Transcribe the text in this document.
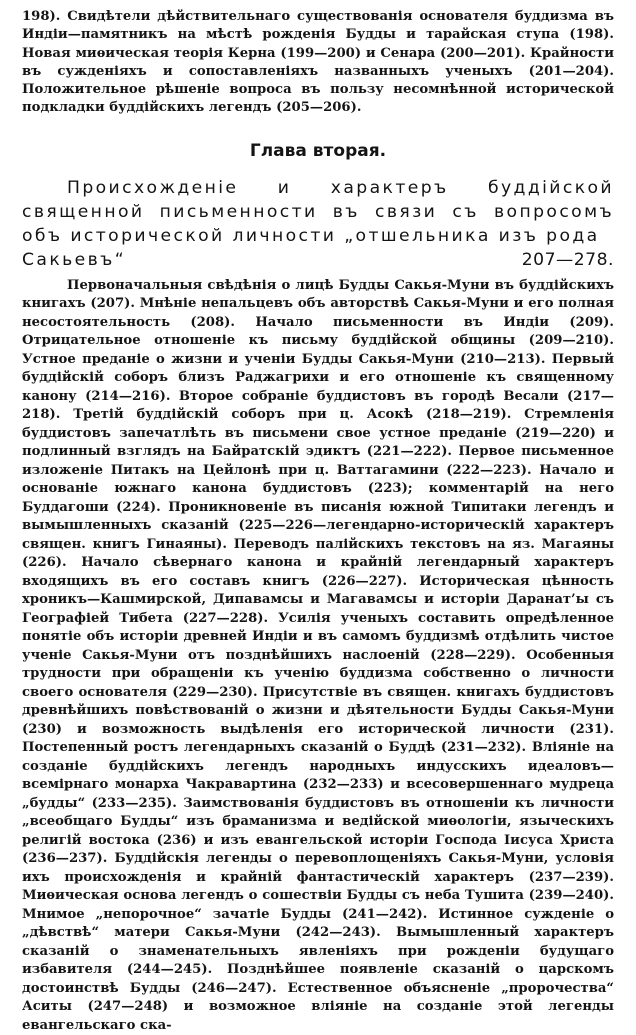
198). Свидѣтели дѣйствительнаго существованія основателя буддизма въ Индіи—памятникъ на мѣстѣ рожденія Будды и тарайская ступа (198). Новая миѳическая теорія Керна (199—200) и Сенара (200—201). Крайности въ сужденіяхъ и сопоставленіяхъ названныхъ ученыхъ (201—204). Положительное рѣшеніе вопроса въ пользу несомнѣнной исторической подкладки буддійскихъ легендъ (205—206).

Глава вторая.

Происхожденіе и характеръ буддійской священной письменности въ связи съ вопросомъ объ исторической личности „отшельника изъ рода

Сакьевъ“	207—278.

Первоначальныя свѣдѣнія о лицѣ Будды Сакья-Муни въ буддійскихъ книгахъ (207). Мнѣніе непальцевъ объ авторствѣ Сакья-Муни и его полная несостоятельность (208). Начало письменности въ Индіи (209). Отрицательное отношеніе къ письму буддійской общины (209—210). Устное преданіе о жизни и ученіи Будды Сакья-Муни (210—213). Первый буддійскій соборъ близъ Раджагрихи и его отношеніе къ священному канону (214—216). Второе собраніе буддистовъ въ городѣ Весали (217—218). Третій буддійскій соборъ при ц. Асокѣ (218—219). Стремленія буддистовъ запечатлѣть въ письмени свое устное преданіе (219—220) и подлинный взглядъ на Байратскій эдиктъ (221—222). Первое письменное изложеніе Питакъ на Цейлонѣ при ц. Ваттагамини (222—223). Начало и основаніе южнаго канона буддистовъ (223); комментарій на него Буддагоши (224). Проникновеніе въ писанія южной Типитаки легендъ и вымышленныхъ сказаній (225—226—легендарно-историческій характеръ священ. книгъ Гинаяны). Переводъ палійскихъ текстовъ на яз. Магаяны (226). Начало сѣвернаго канона и крайній легендарный характеръ входящихъ въ его составъ книгъ (226—227). Историческая цѣнность хроникъ—Кашмирской, Дипавамсы и Магавамсы и исторіи Даранат’ы съ Географіей Тибета (227—228). Усилія ученыхъ составить опредѣленное понятіе объ исторіи древней Индіи и въ самомъ буддизмѣ отдѣлить чистое ученіе Сакья-Муни отъ позднѣйшихъ наслоеній (228—229). Особенныя трудности при обращеніи къ ученію буддизма собственно о личности своего основателя (229—230). Присутствіе въ священ. книгахъ буддистовъ древнѣйшихъ повѣствованій о жизни и дѣятельности Будды Сакья-Муни (230) и возможность выдѣленія его исторической личности (231). Постепенный ростъ легендарныхъ сказаній о Буддѣ (231—232). Вліяніе на созданіе буддійскихъ легендъ народныхъ индусскихъ идеаловъ—всемірнаго монарха Чакравартина (232—233) и всесовершеннаго мудреца „будды“ (233—235). Заимствованія буддистовъ въ отношеніи къ личности „всеобщаго Будды“ изъ браманизма и ведійской миѳологіи, языческихъ религій востока (236) и изъ евангельской исторіи Господа Іисуса Христа (236—237). Буддійскія легенды о перевоплощеніяхъ Сакья-Муни, условія ихъ происхожденія и крайній фантастическій характеръ (237—239). Миѳическая основа легендъ о сошествіи Будды съ неба Тушита (239—240). Мнимое „непорочное“ зачатіе Будды (241—242). Истинное сужденіе о „дѣвствѣ“ матери Сакья-Муни (242—243). Вымышленный характеръ сказаній о знаменательныхъ явленіяхъ при рожденіи будущаго избавителя (244—245). Позднѣйшее появленіе сказаній о царскомъ достоинствѣ Будды (246—247). Естественное объясненіе „пророчества“ Аситы (247—248) и возможное вліяніе на созданіе этой легенды евангельскаго ска-
